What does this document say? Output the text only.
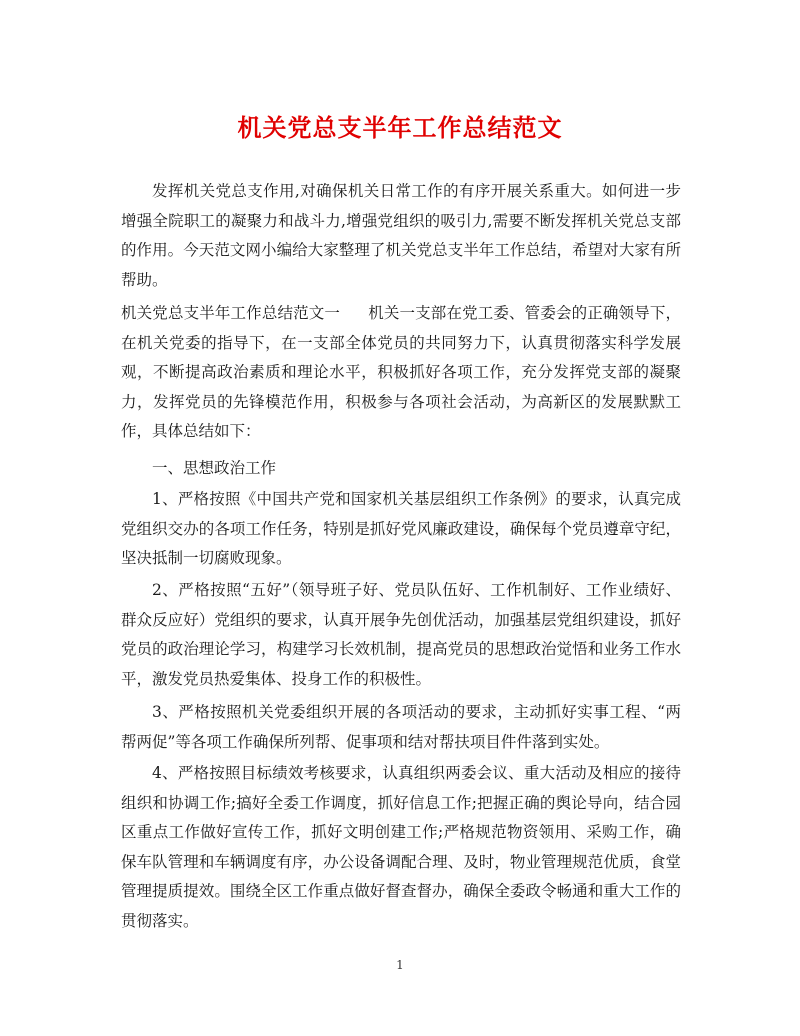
机关党总支半年工作总结范文

发挥机关党总支作用,对确保机关日常工作的有序开展关系重大。如何进一步增强全院职工的凝聚力和战斗力,增强党组织的吸引力,需要不断发挥机关党总支部的作用。今天范文网小编给大家整理了机关党总支半年工作总结，希望对大家有所帮助。

机关党总支半年工作总结范文一 机关一支部在党工委、管委会的正确领导下，在机关党委的指导下，在一支部全体党员的共同努力下，认真贯彻落实科学发展观，不断提高政治素质和理论水平，积极抓好各项工作，充分发挥党支部的凝聚力，发挥党员的先锋模范作用，积极参与各项社会活动，为高新区的发展默默工作，具体总结如下：

一、思想政治工作

1、严格按照《中国共产党和国家机关基层组织工作条例》的要求，认真完成党组织交办的各项工作任务，特别是抓好党风廉政建设，确保每个党员遵章守纪，坚决抵制一切腐败现象。

2、严格按照“五好”（领导班子好、党员队伍好、工作机制好、工作业绩好、群众反应好）党组织的要求，认真开展争先创优活动，加强基层党组织建设，抓好党员的政治理论学习，构建学习长效机制，提高党员的思想政治觉悟和业务工作水平，激发党员热爱集体、投身工作的积极性。

3、严格按照机关党委组织开展的各项活动的要求，主动抓好实事工程、“两帮两促”等各项工作确保所列帮、促事项和结对帮扶项目件件落到实处。

4、严格按照目标绩效考核要求，认真组织两委会议、重大活动及相应的接待组织和协调工作;搞好全委工作调度，抓好信息工作;把握正确的舆论导向，结合园区重点工作做好宣传工作，抓好文明创建工作;严格规范物资领用、采购工作，确保车队管理和车辆调度有序，办公设备调配合理、及时，物业管理规范优质，食堂管理提质提效。围绕全区工作重点做好督查督办，确保全委政令畅通和重大工作的贯彻落实。

1
